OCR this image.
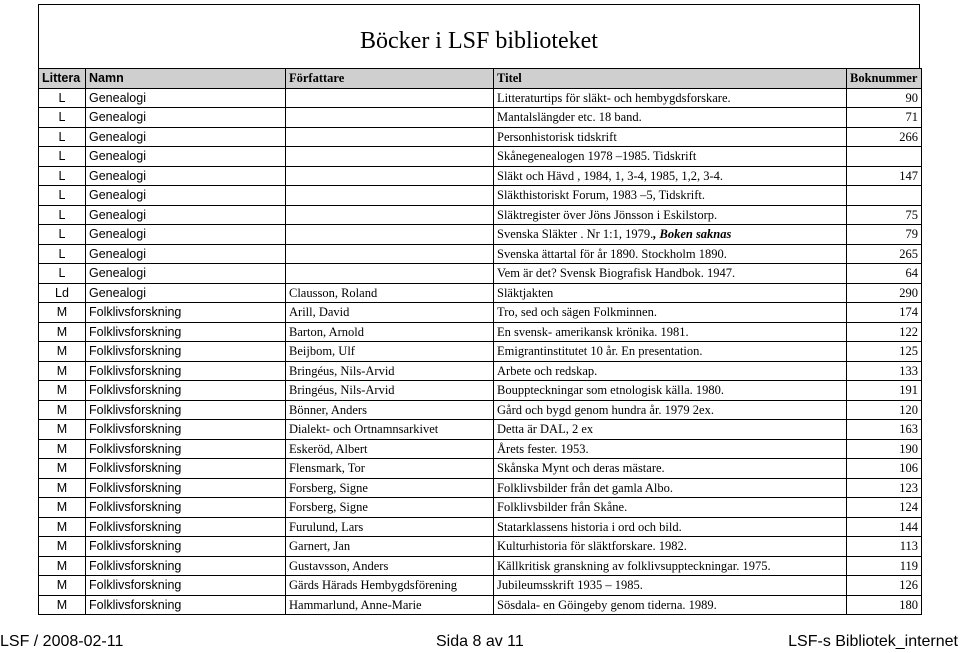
Böcker i LSF biblioteket
Littera	Namn	Författare	Titel	Boknummer
L	Genealogi		Litteraturtips för släkt- och hembygdsforskare.	90
L	Genealogi		Mantalslängder etc. 18 band.	71
L	Genealogi		Personhistorisk tidskrift	266
L	Genealogi		Skånegenealogen 1978 –1985. Tidskrift	
L	Genealogi		Släkt och Hävd , 1984, 1, 3-4, 1985, 1,2, 3-4.	147
L	Genealogi		Släkthistoriskt Forum, 1983 –5, Tidskrift.	
L	Genealogi		Släktregister över Jöns Jönsson i Eskilstorp.	75
L	Genealogi		Svenska Släkter . Nr 1:1, 1979., Boken saknas	79
L	Genealogi		Svenska ättartal för år 1890. Stockholm 1890.	265
L	Genealogi		Vem är det? Svensk Biografisk Handbok. 1947.	64
Ld	Genealogi	Clausson, Roland	Släktjakten	290
M	Folklivsforskning	Arill, David	Tro, sed och sägen Folkminnen.	174
M	Folklivsforskning	Barton, Arnold	En svensk- amerikansk krönika. 1981.	122
M	Folklivsforskning	Beijbom, Ulf	Emigrantinstitutet 10 år. En presentation.	125
M	Folklivsforskning	Bringéus, Nils-Arvid	Arbete och redskap.	133
M	Folklivsforskning	Bringéus, Nils-Arvid	Bouppteckningar som etnologisk källa. 1980.	191
M	Folklivsforskning	Bönner, Anders	Gård och bygd genom hundra år. 1979 2ex.	120
M	Folklivsforskning	Dialekt- och Ortnamnsarkivet	Detta är DAL, 2 ex	163
M	Folklivsforskning	Eskeröd, Albert	Årets fester. 1953.	190
M	Folklivsforskning	Flensmark, Tor	Skånska Mynt och deras mästare.	106
M	Folklivsforskning	Forsberg, Signe	Folklivsbilder från det gamla Albo.	123
M	Folklivsforskning	Forsberg, Signe	Folklivsbilder från Skåne.	124
M	Folklivsforskning	Furulund, Lars	Statarklassens historia i ord och bild.	144
M	Folklivsforskning	Garnert, Jan	Kulturhistoria för släktforskare. 1982.	113
M	Folklivsforskning	Gustavsson, Anders	Källkritisk granskning av folklivsuppteckningar. 1975.	119
M	Folklivsforskning	Gärds Härads Hembygdsförening	Jubileumsskrift 1935 – 1985.	126
M	Folklivsforskning	Hammarlund, Anne-Marie	Sösdala- en Göingeby genom tiderna. 1989.	180
LSF / 2008-02-11	Sida 8 av 11	LSF-s Bibliotek_internet
